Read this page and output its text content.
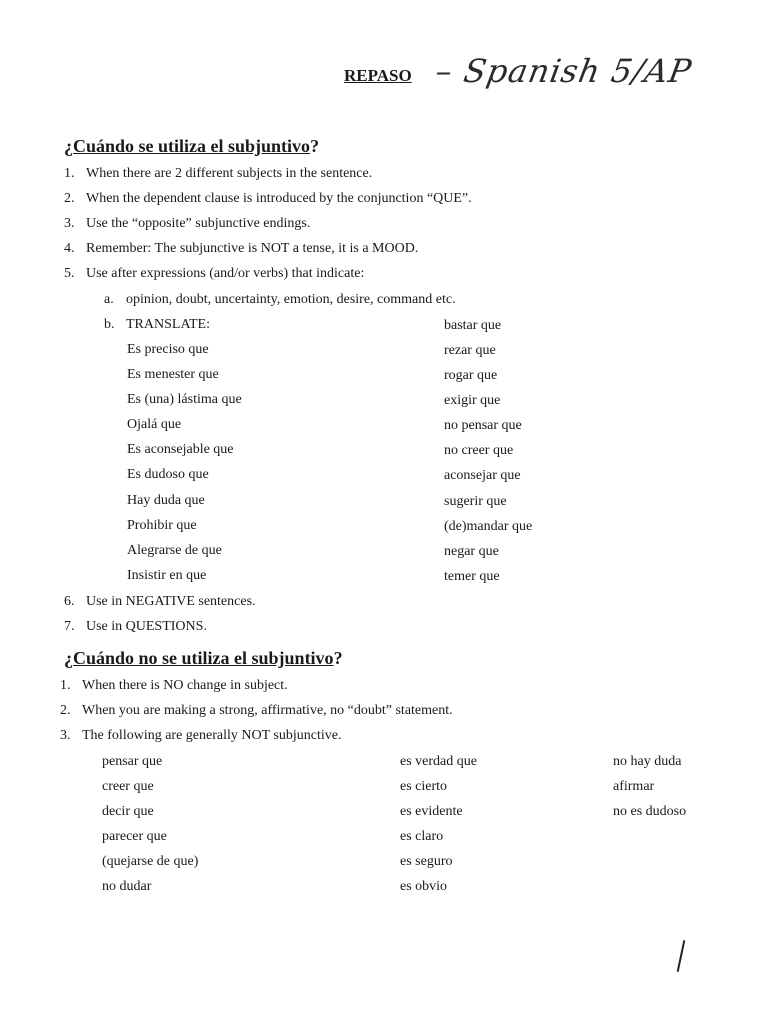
REPASO – Spanish 5/AP
¿Cuándo se utiliza el subjuntivo?
1. When there are 2 different subjects in the sentence.
2. When the dependent clause is introduced by the conjunction “QUE”.
3. Use the “opposite” subjunctive endings.
4. Remember: The subjunctive is NOT a tense, it is a MOOD.
5. Use after expressions (and/or verbs) that indicate:
a. opinion, doubt, uncertainty, emotion, desire, command etc.
b. TRANSLATE:
Es preciso que
Es menester que
Es (una) lástima que
Ojalá que
Es aconsejable que
Es dudoso que
Hay duda que
Prohibir que
Alegrarse de que
Insistir en que
bastar que
rezar que
rogar que
exigir que
no pensar que
no creer que
aconsejar que
sugerir que
(de)mandar que
negar que
temer que
6. Use in NEGATIVE sentences.
7. Use in QUESTIONS.
¿Cuándo no se utiliza el subjuntivo?
1. When there is NO change in subject.
2. When you are making a strong, affirmative, no “doubt” statement.
3. The following are generally NOT subjunctive.
pensar que
creer que
decir que
parecer que
(quejarse de que)
no dudar
es verdad que
es cierto
es evidente
es claro
es seguro
es obvio
no hay duda
afirmar
no es dudoso
